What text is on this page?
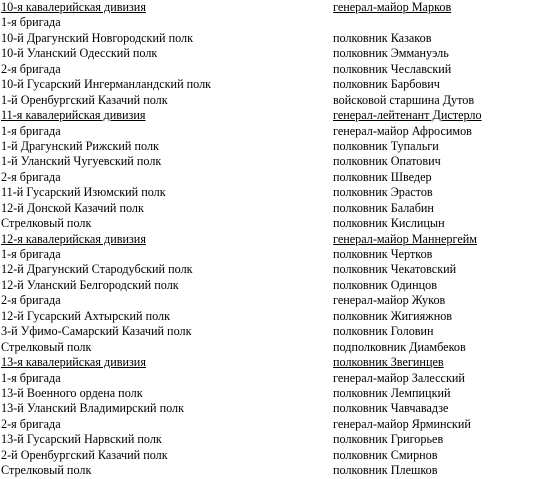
10-я кавалерийская дивизия	генерал-майор Марков
1-я бригада
10-й Драгунский Новгородский полк	полковник Казаков
10-й Уланский Одесский полк	полковник Эммануэль
2-я бригада	полковник Чеславский
10-й Гусарский Ингерманландский полк	полковник Барбович
1-й Оренбургский Казачий полк	войсковой старшина Дутов
11-я кавалерийская дивизия	генерал-лейтенант Дистерло
1-я бригада	генерал-майор Афросимов
1-й Драгунский Рижский полк	полковник Тупальги
1-й Уланский Чугуевский полк	полковник Опатович
2-я бригада	полковник Шведер
11-й Гусарский Изюмский полк	полковник Эрастов
12-й Донской Казачий полк	полковник Балабин
Стрелковый полк	полковник Кислицын
12-я кавалерийская дивизия	генерал-майор Маннергейм
1-я бригада	полковник Чертков
12-й Драгунский Стародубский полк	полковник Чекатовский
12-й Уланский Белгородский полк	полковник Одинцов
2-я бригада	генерал-майор Жуков
12-й Гусарский Ахтырский полк	полковник Жигияжнов
3-й Уфимо-Самарский Казачий полк	полковник Головин
Стрелковый полк	подполковник Диамбеков
13-я кавалерийская дивизия	полковник Звегинцев
1-я бригада	генерал-майор Залесский
13-й Военного ордена полк	полковник Лемпицкий
13-й Уланский Владимирский полк	полковник Чавчавадзе
2-я бригада	генерал-майор Ярминский
13-й Гусарский Нарвский полк	полковник Григорьев
2-й Оренбургский Казачий полк	полковник Смирнов
Стрелковый полк	полковник Плешков
